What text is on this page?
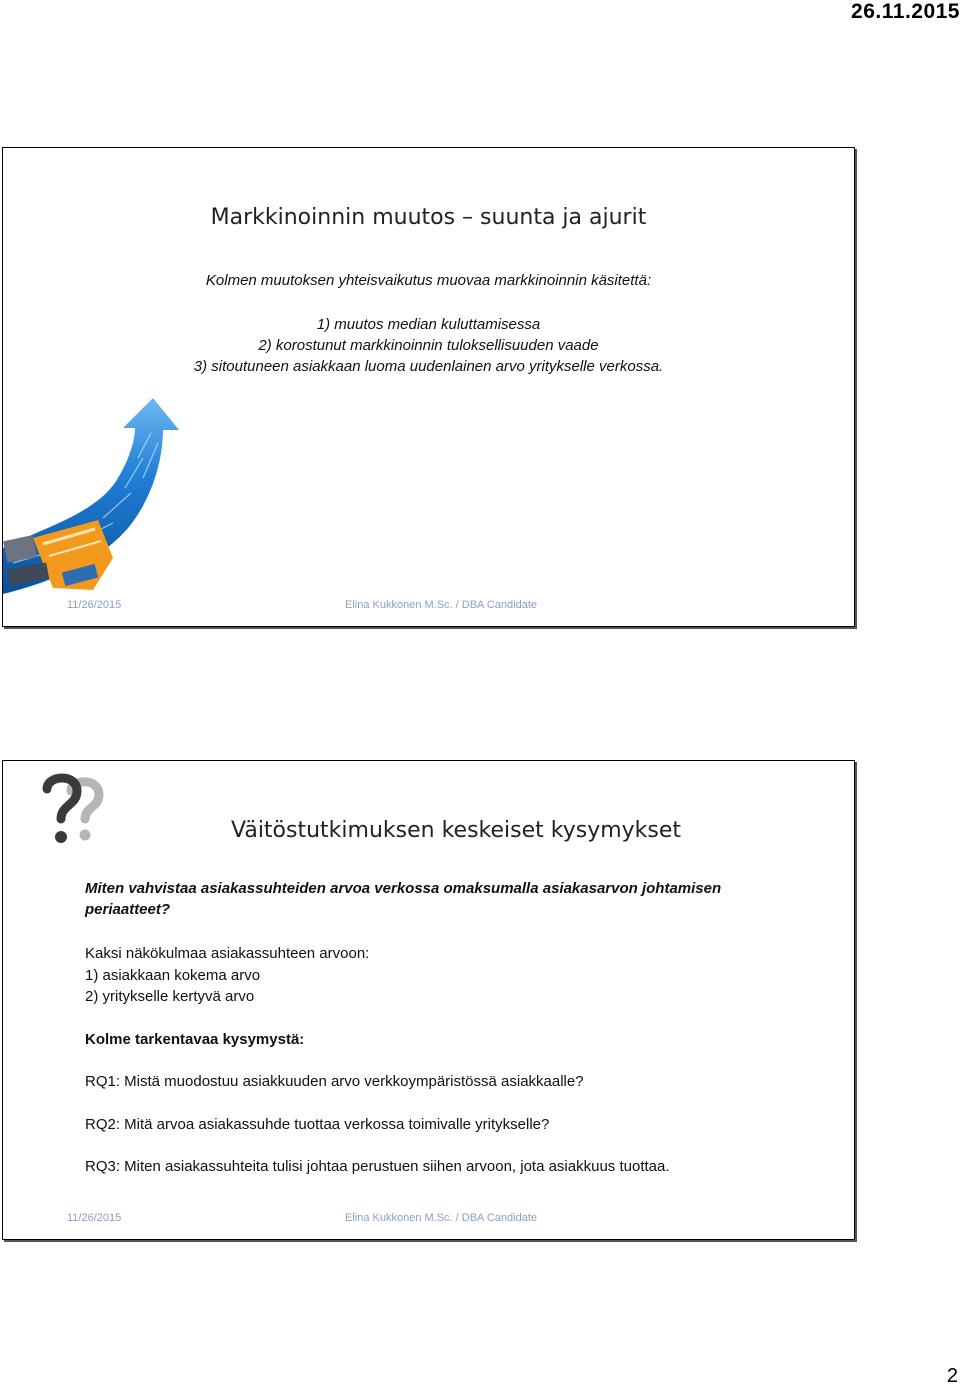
26.11.2015
Markkinoinnin muutos – suunta ja ajurit
Kolmen muutoksen yhteisvaikutus muovaa markkinoinnin käsitettä:
1) muutos median kuluttamisessa
2) korostunut markkinoinnin tuloksellisuuden vaade
3) sitoutuneen asiakkaan luoma uudenlainen arvo yritykselle verkossa.
11/26/2015	Elina Kukkonen M.Sc. / DBA Candidate
Väitöstutkimuksen keskeiset kysymykset
Miten vahvistaa asiakassuhteiden arvoa verkossa omaksumalla asiakasarvon johtamisen periaatteet?
Kaksi näkökulmaa asiakassuhteen arvoon:
1) asiakkaan kokema arvo
2) yritykselle kertyvä arvo
Kolme tarkentavaa kysymystä:
RQ1: Mistä muodostuu asiakkuuden arvo verkkoympäristössä asiakkaalle?
RQ2: Mitä arvoa asiakassuhde tuottaa verkossa toimivalle yritykselle?
RQ3: Miten asiakassuhteita tulisi johtaa perustuen siihen arvoon, jota asiakkuus tuottaa.
11/26/2015	Elina Kukkonen M.Sc. / DBA Candidate
2
